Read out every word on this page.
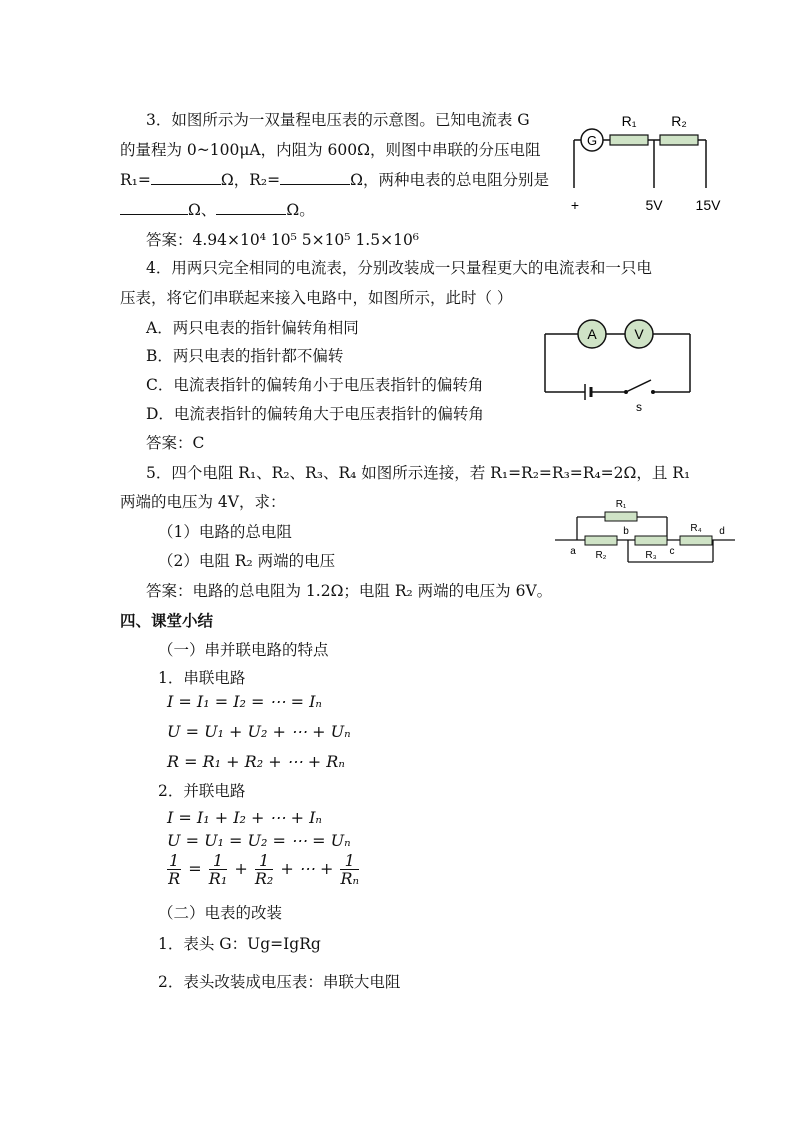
3．如图所示为一双量程电压表的示意图。已知电流表 G
的量程为 0~100μA，内阻为 600Ω，则图中串联的分压电阻
R₁=	Ω，R₂=	Ω，两种电表的总电阻分别是
Ω、	Ω。
答案：4.94×10⁴ 10⁵ 5×10⁵ 1.5×10⁶
G
R₁ R₂
+	5V 15V
4．用两只完全相同的电流表，分别改装成一只量程更大的电流表和一只电
压表，将它们串联起来接入电路中，如图所示，此时（ ）
A．两只电表的指针偏转角相同
B．两只电表的指针都不偏转
C．电流表指针的偏转角小于电压表指针的偏转角
D．电流表指针的偏转角大于电压表指针的偏转角
答案：C
A	V
s
5．四个电阻 R₁、R₂、R₃、R₄ 如图所示连接，若 R₁=R₂=R₃=R₄=2Ω，且 R₁
两端的电压为 4V，求：
（1）电路的总电阻
（2）电阻 R₂ 两端的电压
答案：电路的总电阻为 1.2Ω；电阻 R₂ 两端的电压为 6V。
R₁
R₂	R₃
R₄
a
b
c
d
四、课堂小结
（一）串并联电路的特点
1．串联电路
I = I₁ = I₂ = ⋯ = Iₙ
U = U₁ + U₂ + ⋯ + Uₙ
R = R₁ + R₂ + ⋯ + Rₙ
2．并联电路
I = I₁ + I₂ + ⋯ + Iₙ
U = U₁ = U₂ = ⋯ = Uₙ
$\frac{1}{R} = \frac{1}{\text{R₁}} + \frac{1}{\text{R₂}}$ + ⋯ + $\frac{1}{\text{Rₙ}}$
（二）电表的改装
1．表头 G：Ug=IgRg
2．表头改装成电压表：串联大电阻
